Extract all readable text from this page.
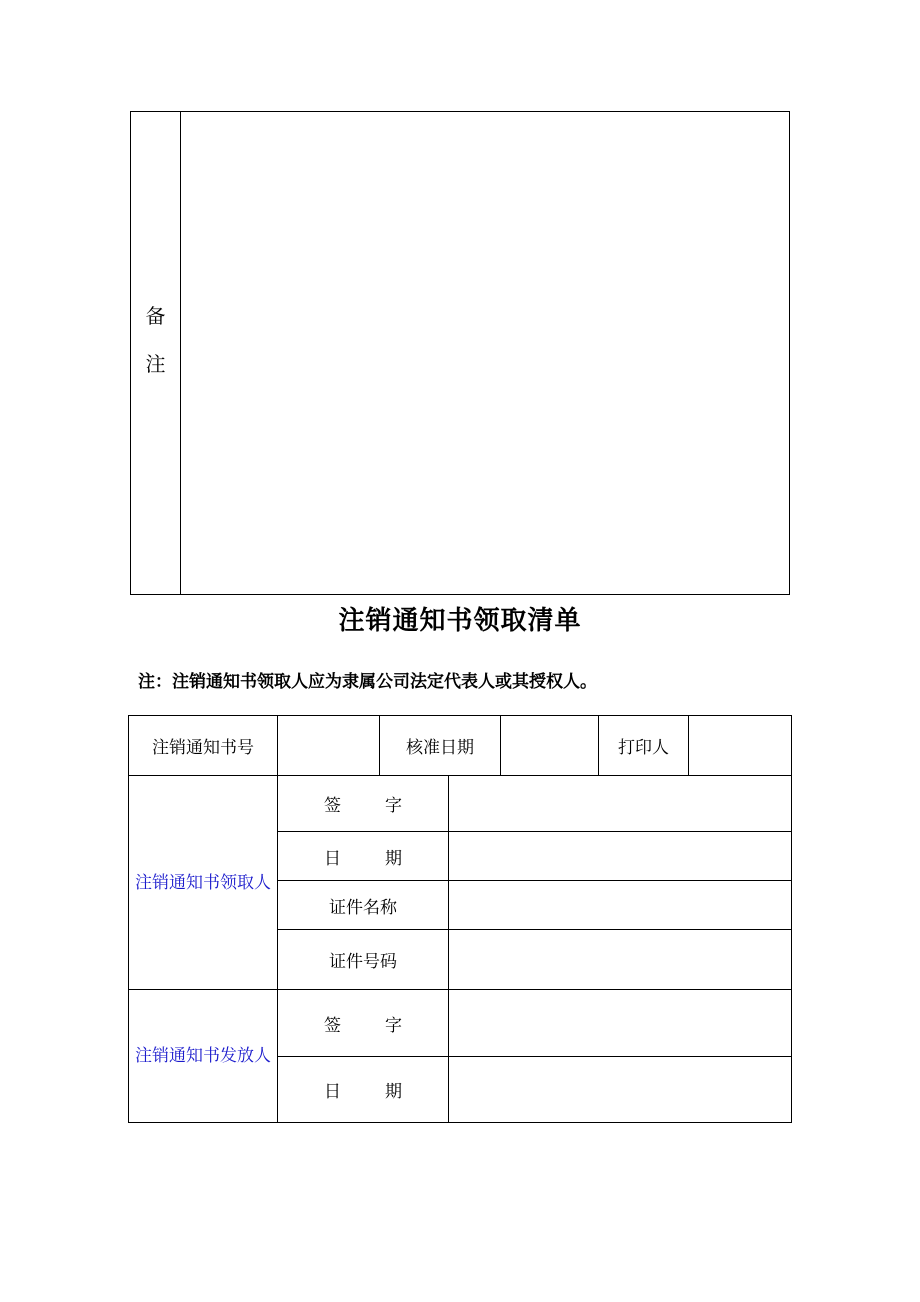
备
注
注销通知书领取清单
注：注销通知书领取人应为隶属公司法定代表人或其授权人。
注销通知书号		核准日期			打印人	
注销通知书领取人	签 字					
	日 期					
	证件名称					
	证件号码					
注销通知书发放人	签 字					
	日 期					
